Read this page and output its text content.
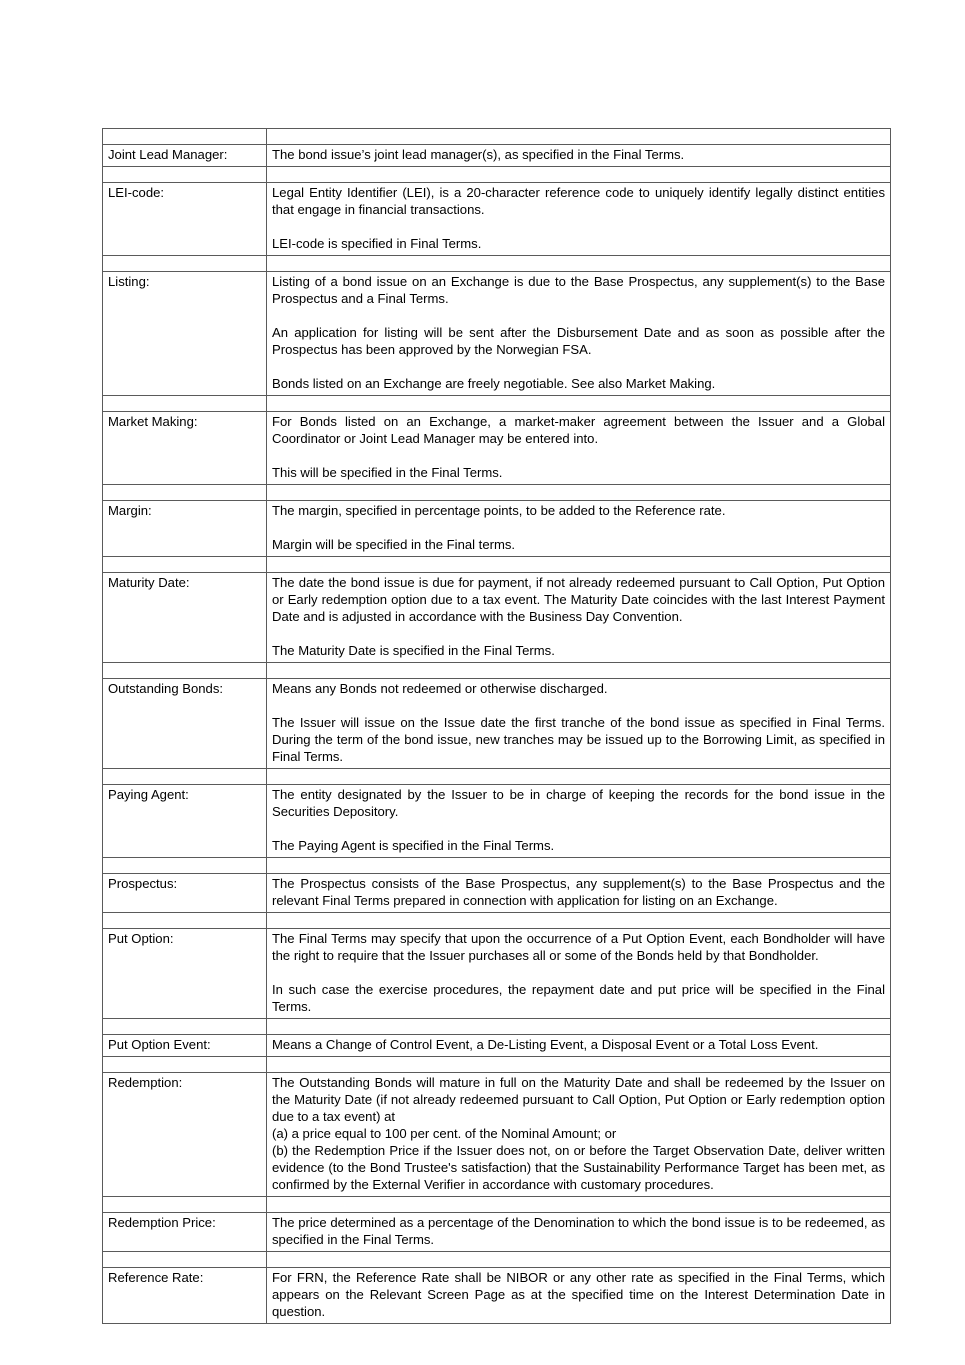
Joint Lead Manager:	The bond issue’s joint lead manager(s), as specified in the Final Terms.

LEI-code:	Legal Entity Identifier (LEI), is a 20-character reference code to uniquely identify legally distinct entities that engage in financial transactions.

LEI-code is specified in Final Terms.

Listing:	Listing of a bond issue on an Exchange is due to the Base Prospectus, any supplement(s) to the Base Prospectus and a Final Terms.

An application for listing will be sent after the Disbursement Date and as soon as possible after the Prospectus has been approved by the Norwegian FSA.

Bonds listed on an Exchange are freely negotiable. See also Market Making.

Market Making:	For Bonds listed on an Exchange, a market-maker agreement between the Issuer and a Global Coordinator or Joint Lead Manager may be entered into.

This will be specified in the Final Terms.

Margin:	The margin, specified in percentage points, to be added to the Reference rate.

Margin will be specified in the Final terms.

Maturity Date:	The date the bond issue is due for payment, if not already redeemed pursuant to Call Option, Put Option or Early redemption option due to a tax event. The Maturity Date coincides with the last Interest Payment Date and is adjusted in accordance with the Business Day Convention.

The Maturity Date is specified in the Final Terms.

Outstanding Bonds:	Means any Bonds not redeemed or otherwise discharged.

The Issuer will issue on the Issue date the first tranche of the bond issue as specified in Final Terms. During the term of the bond issue, new tranches may be issued up to the Borrowing Limit, as specified in Final Terms.

Paying Agent:	The entity designated by the Issuer to be in charge of keeping the records for the bond issue in the Securities Depository.

The Paying Agent is specified in the Final Terms.

Prospectus:	The Prospectus consists of the Base Prospectus, any supplement(s) to the Base Prospectus and the relevant Final Terms prepared in connection with application for listing on an Exchange.

Put Option:	The Final Terms may specify that upon the occurrence of a Put Option Event, each Bondholder will have the right to require that the Issuer purchases all or some of the Bonds held by that Bondholder.

In such case the exercise procedures, the repayment date and put price will be specified in the Final Terms.

Put Option Event:	Means a Change of Control Event, a De-Listing Event, a Disposal Event or a Total Loss Event.

Redemption:	The Outstanding Bonds will mature in full on the Maturity Date and shall be redeemed by the Issuer on the Maturity Date (if not already redeemed pursuant to Call Option, Put Option or Early redemption option due to a tax event) at

(a) a price equal to 100 per cent. of the Nominal Amount; or

(b) the Redemption Price if the Issuer does not, on or before the Target Observation Date, deliver written evidence (to the Bond Trustee's satisfaction) that the Sustainability Performance Target has been met, as confirmed by the External Verifier in accordance with customary procedures.

Redemption Price:	The price determined as a percentage of the Denomination to which the bond issue is to be redeemed, as specified in the Final Terms.

Reference Rate:	For FRN, the Reference Rate shall be NIBOR or any other rate as specified in the Final Terms, which appears on the Relevant Screen Page as at the specified time on the Interest Determination Date in question.
